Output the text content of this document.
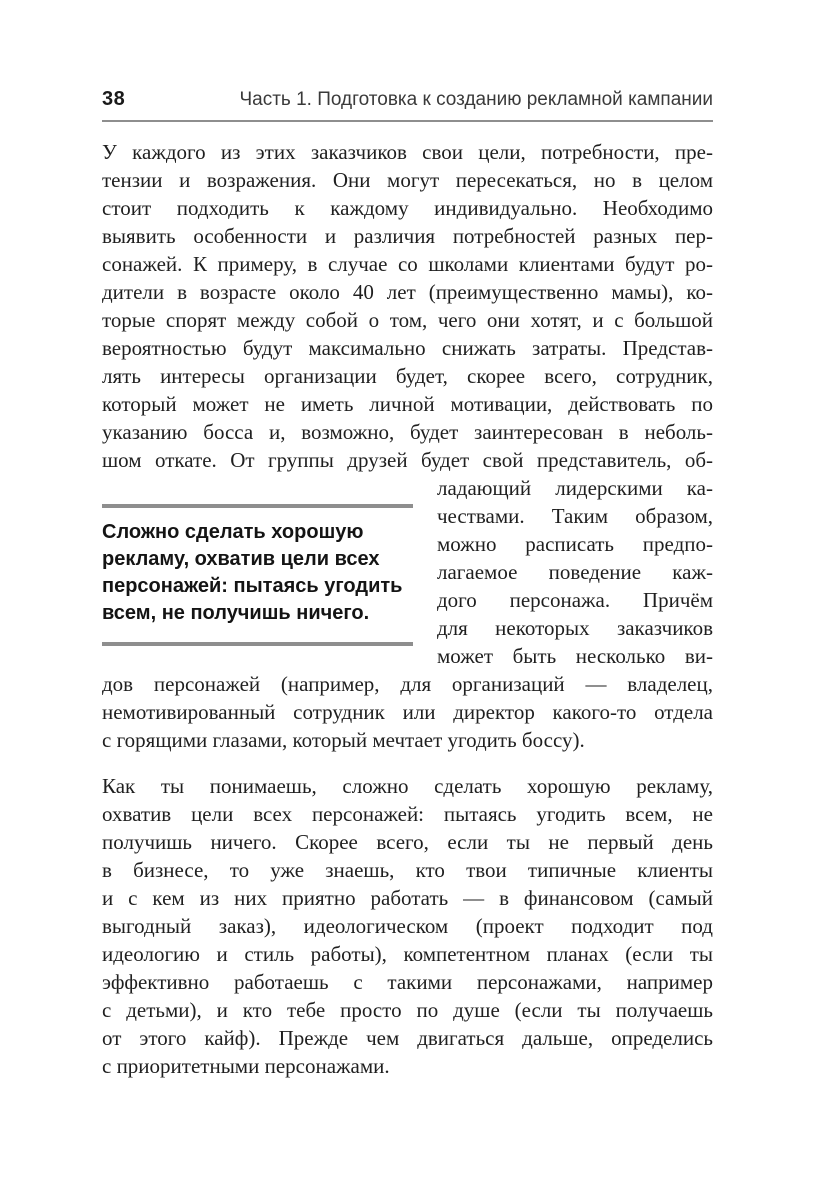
38	Часть 1. Подготовка к созданию рекламной кампании
У каждого из этих заказчиков свои цели, потребности, пре-
тензии и возражения. Они могут пересекаться, но в целом
стоит подходить к каждому индивидуально. Необходимо
выявить особенности и различия потребностей разных пер-
сонажей. К примеру, в случае со школами клиентами будут ро-
дители в возрасте около 40 лет (преимущественно мамы), ко-
торые спорят между собой о том, чего они хотят, и с большой
вероятностью будут максимально снижать затраты. Представ-
лять интересы организации будет, скорее всего, сотрудник,
который может не иметь личной мотивации, действовать по
указанию босса и, возможно, будет заинтересован в неболь-
шом откате. От группы друзей будет свой представитель, об-
Сложно сделать хорошую
рекламу, охватив цели всех
персонажей: пытаясь угодить
всем, не получишь ничего.
ладающий лидерскими ка-
чествами. Таким образом,
можно расписать предпо-
лагаемое поведение каж-
дого персонажа. Причём
для некоторых заказчиков
может быть несколько ви-
дов персонажей (например, для организаций — владелец,
немотивированный сотрудник или директор какого-то отдела
с горящими глазами, который мечтает угодить боссу).
Как ты понимаешь, сложно сделать хорошую рекламу,
охватив цели всех персонажей: пытаясь угодить всем, не
получишь ничего. Скорее всего, если ты не первый день
в бизнесе, то уже знаешь, кто твои типичные клиенты
и с кем из них приятно работать — в финансовом (самый
выгодный заказ), идеологическом (проект подходит под
идеологию и стиль работы), компетентном планах (если ты
эффективно работаешь с такими персонажами, например
с детьми), и кто тебе просто по душе (если ты получаешь
от этого кайф). Прежде чем двигаться дальше, определись
с приоритетными персонажами.
